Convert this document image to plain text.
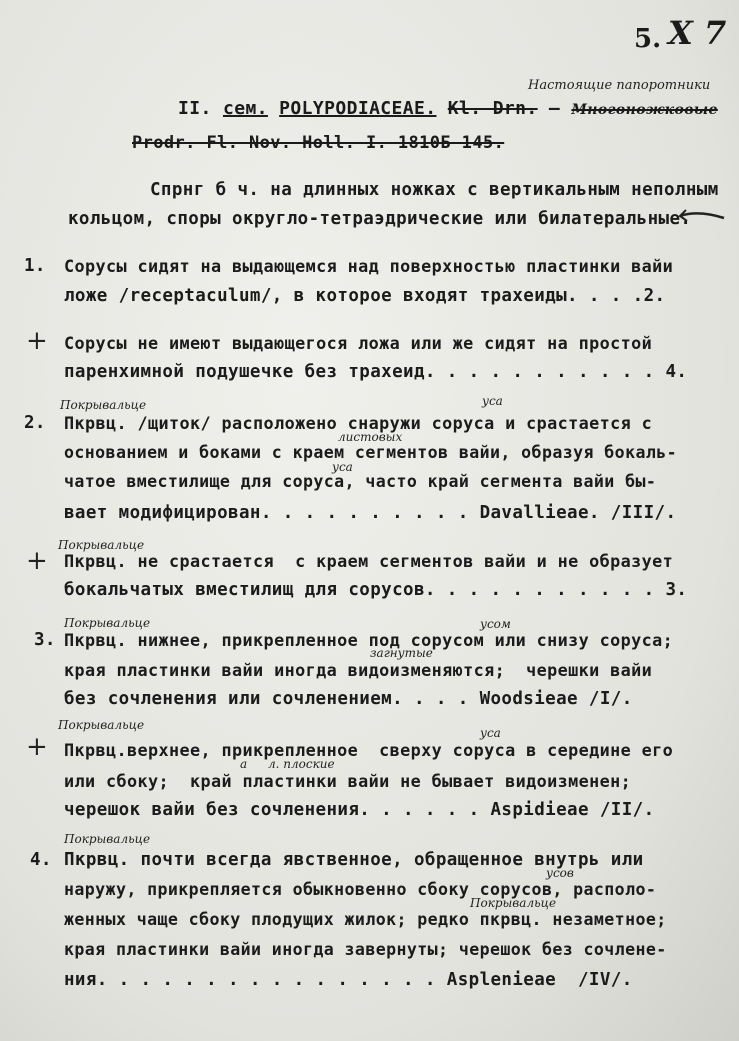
5. X 7
Настоящие папоротники
II. сем. POLYPODIACEAE. Kl. Drn. – Многоножковые
Prodr. Fl. Nov. Holl. I. 1810Б 145.
Спрнг б ч. на длинных ножках с вертикальным неполным
кольцом, споры округло-тетраэдрические или билатеральные.
1. Сорусы сидят на выдающемся над поверхностью пластинки вайи
ложе /receptaculum/, в которое входят трахеиды. . . .2.
+ Сорусы не имеют выдающегося ложа или же сидят на простой
паренхимной подушечке без трахеид. . . . . . . . . . . 4.
Покрывальце	уса
2. Пкрвц. /щиток/ расположено снаружи соруса и срастается с
листовых
основанием и боками с краем сегментов вайи, образуя бокаль-
уса
чатое вместилище для соруса, часто край сегмента вайи бы-
вает модифицирован. . . . . . . . . . Davallieae. /III/.
Покрывальце
+ Пкрвц. не срастается  с краем сегментов вайи и не образует
бокальчатых вместилищ для сорусов. . . . . . . . . . . 3.
Покрывальце	усом
3. Пкрвц. нижнее, прикрепленное под сорусом или снизу соруса;
загнутые
края пластинки вайи иногда видоизменяются;  черешки вайи
без сочленения или сочленением. . . . Woodsieae /I/.
Покрывальце
уса
+ Пкрвц.верхнее, прикрепленное  сверху соруса в середине его
а л. плоские
или сбоку;  край пластинки вайи не бывает видоизменен;
черешок вайи без сочленения. . . . . . Aspidieae /II/.
Покрывальце
4. Пкрвц. почти всегда явственное, обращенное внутрь или
усов
наружу, прикрепляется обыкновенно сбоку сорусов, располо-
Покрывальце
женных чаще сбоку плодущих жилок; редко пкрвц. незаметное;
края пластинки вайи иногда завернуты; черешок без сочлене-
ния. . . . . . . . . . . . . . . . Asplenieae  /IV/.
